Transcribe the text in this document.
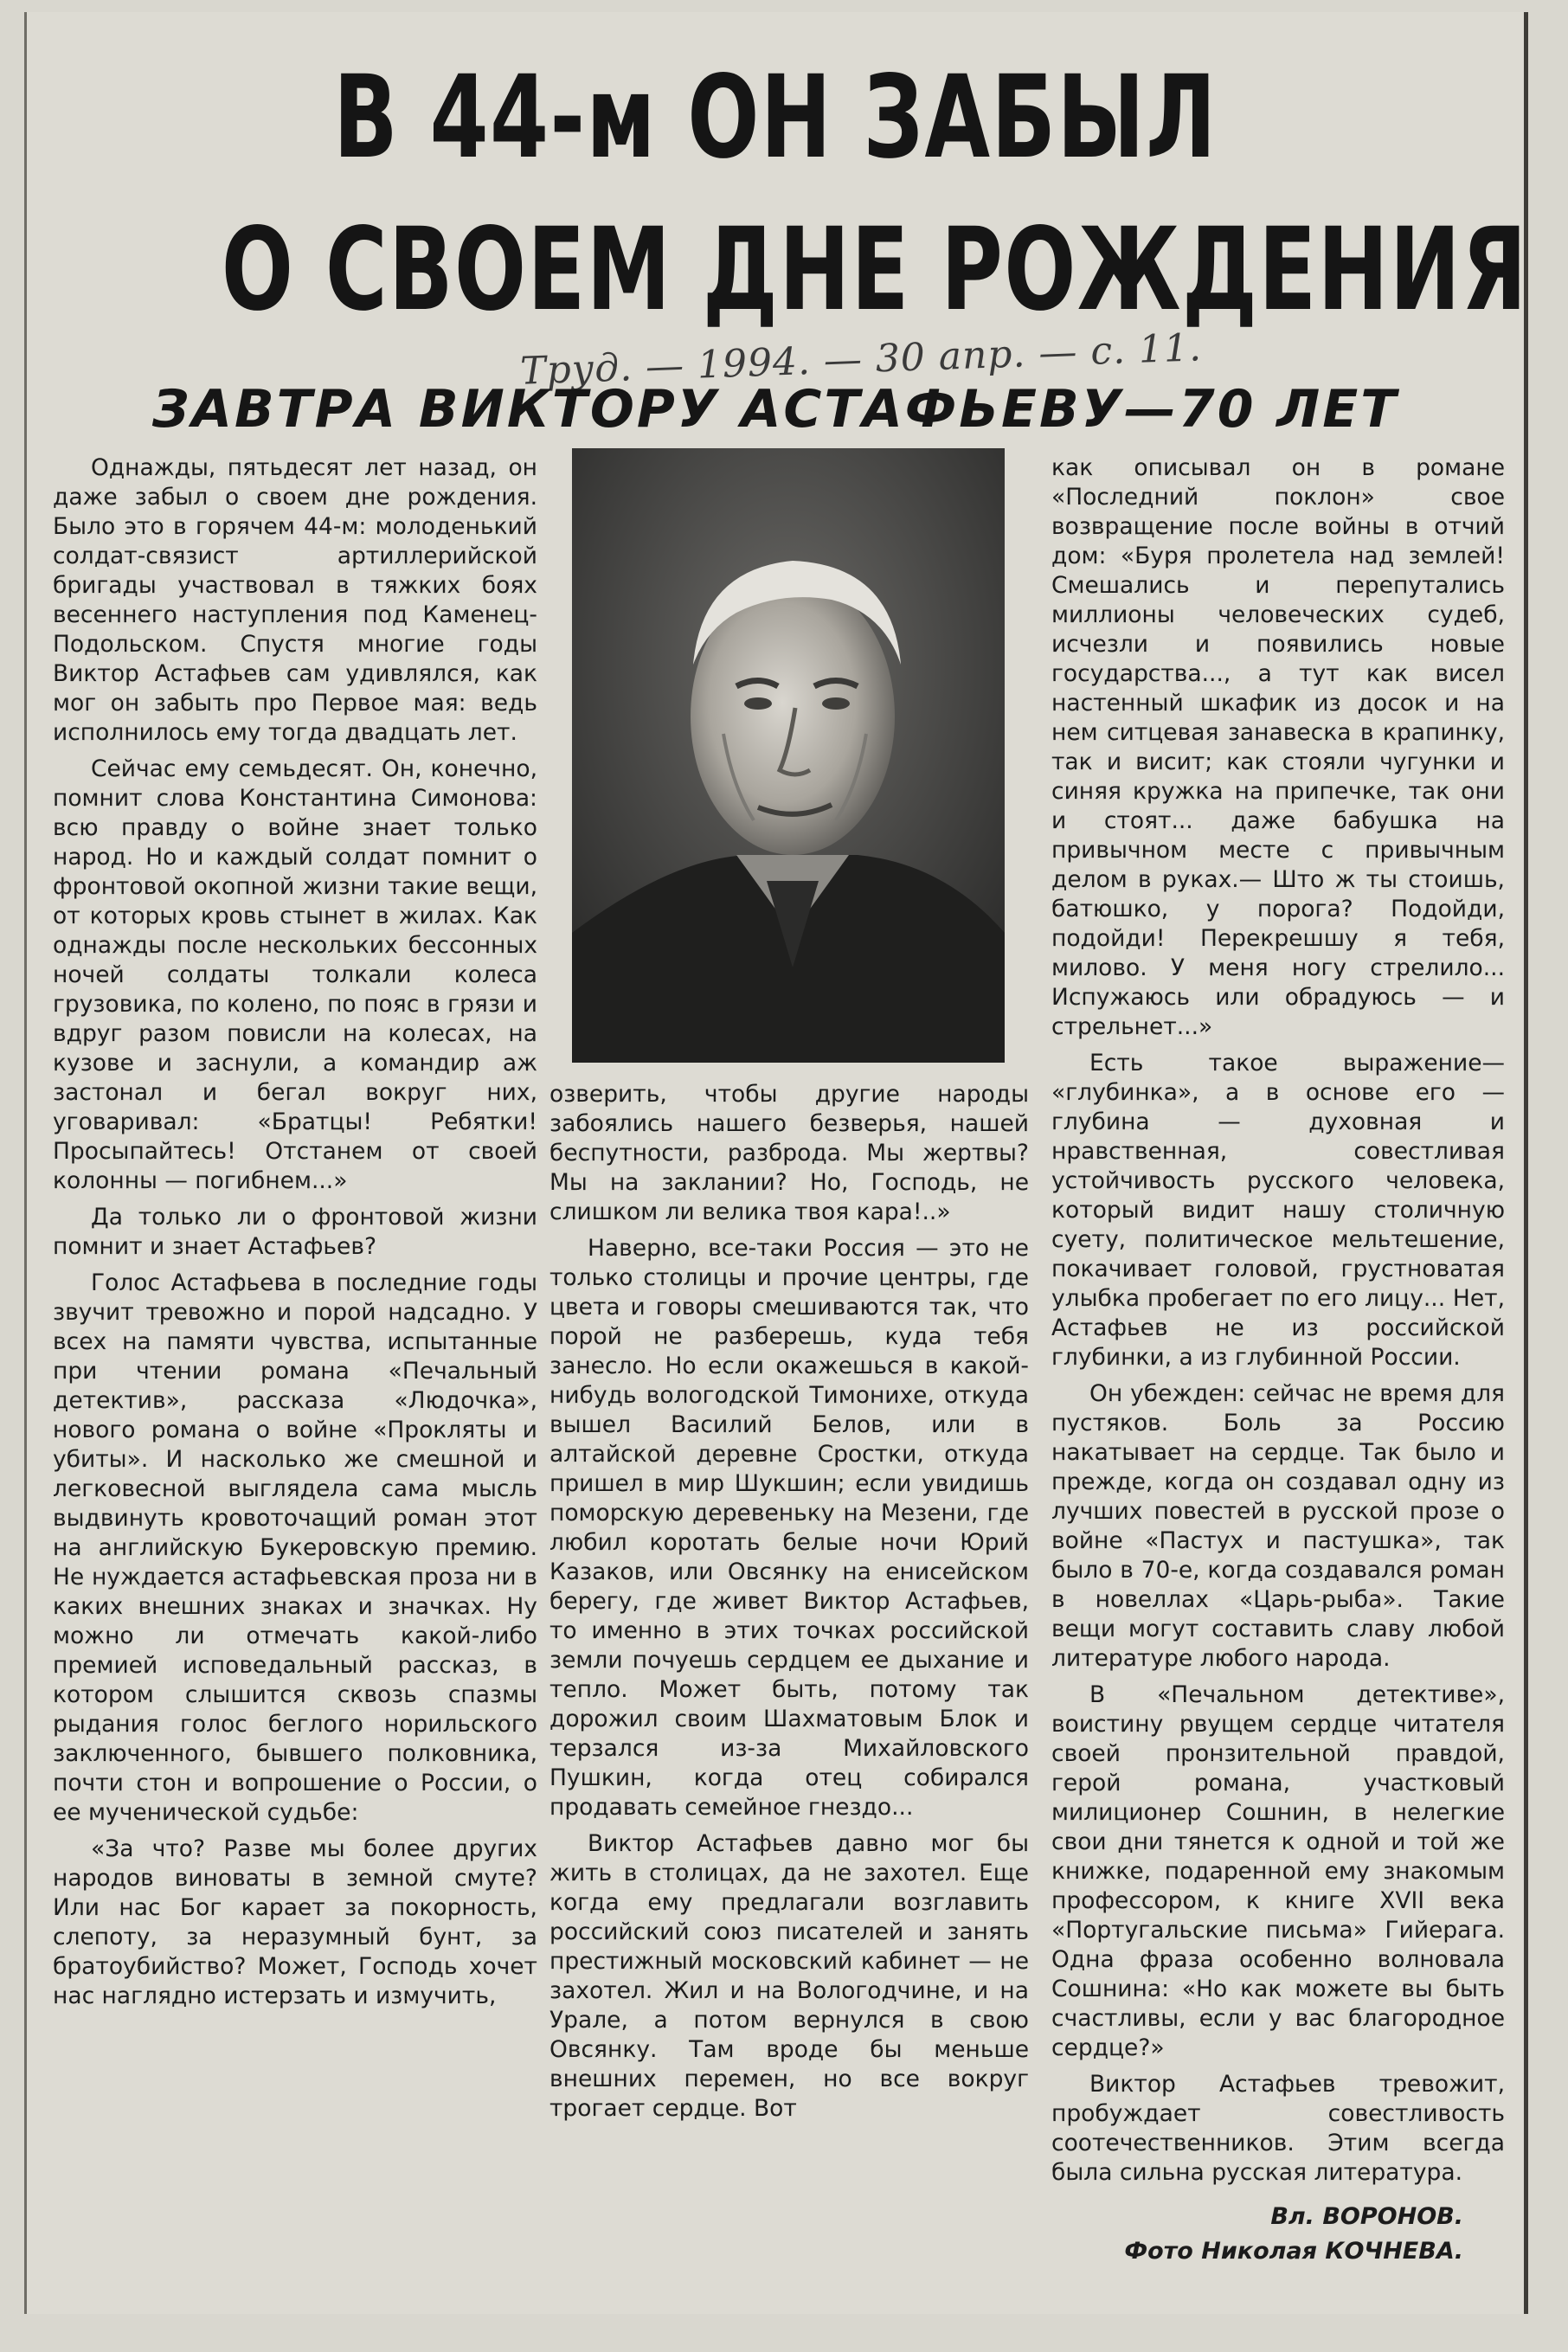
В 44-м ОН ЗАБЫЛ
О СВОЕМ ДНЕ РОЖДЕНИЯ
Труд. — 1994. — 30 апр. — с. 11.
ЗАВТРА ВИКТОРУ АСТАФЬЕВУ—70 ЛЕТ

Однажды, пятьдесят лет назад, он даже забыл о своем дне рождения. Было это в горячем 44-м: молоденький солдат-связист артиллерийской бригады участвовал в тяжких боях весеннего наступления под Каменец-Подольском. Спустя многие годы Виктор Астафьев сам удивлялся, как мог он забыть про Первое мая: ведь исполнилось ему тогда двадцать лет.

Сейчас ему семьдесят. Он, конечно, помнит слова Константина Симонова: всю правду о войне знает только народ. Но и каждый солдат помнит о фронтовой окопной жизни такие вещи, от которых кровь стынет в жилах. Как однажды после нескольких бессонных ночей солдаты толкали колеса грузовика, по колено, по пояс в грязи и вдруг разом повисли на колесах, на кузове и заснули, а командир аж застонал и бегал вокруг них, уговаривал: «Братцы! Ребятки! Просыпайтесь! Отстанем от своей колонны — погибнем...»

Да только ли о фронтовой жизни помнит и знает Астафьев?

Голос Астафьева в последние годы звучит тревожно и порой надсадно. У всех на памяти чувства, испытанные при чтении романа «Печальный детектив», рассказа «Людочка», нового романа о войне «Прокляты и убиты». И насколько же смешной и легковесной выглядела сама мысль выдвинуть кровоточащий роман этот на английскую Букеровскую премию. Не нуждается астафьевская проза ни в каких внешних знаках и значках. Ну можно ли отмечать какой-либо премией исповедальный рассказ, в котором слышится сквозь спазмы рыдания голос беглого норильского заключенного, бывшего полковника, почти стон и вопрошение о России, о ее мученической судьбе:

«За что? Разве мы более других народов виноваты в земной смуте? Или нас Бог карает за покорность, слепоту, за неразумный бунт, за братоубийство? Может, Господь хочет нас наглядно истерзать и измучить,

озверить, чтобы другие народы забоялись нашего безверья, нашей беспутности, разброда. Мы жертвы? Мы на заклании? Но, Господь, не слишком ли велика твоя кара!..»

Наверно, все-таки Россия — это не только столицы и прочие центры, где цвета и говоры смешиваются так, что порой не разберешь, куда тебя занесло. Но если окажешься в какой-нибудь вологодской Тимонихе, откуда вышел Василий Белов, или в алтайской деревне Сростки, откуда пришел в мир Шукшин; если увидишь поморскую деревеньку на Мезени, где любил коротать белые ночи Юрий Казаков, или Овсянку на енисейском берегу, где живет Виктор Астафьев, то именно в этих точках российской земли почуешь сердцем ее дыхание и тепло. Может быть, потому так дорожил своим Шахматовым Блок и терзался из-за Михайловского Пушкин, когда отец собирался продавать семейное гнездо...

Виктор Астафьев давно мог бы жить в столицах, да не захотел. Еще когда ему предлагали возглавить российский союз писателей и занять престижный московский кабинет — не захотел. Жил и на Вологодчине, и на Урале, а потом вернулся в свою Овсянку. Там вроде бы меньше внешних перемен, но все вокруг трогает сердце. Вот

как описывал он в романе «Последний поклон» свое возвращение после войны в отчий дом: «Буря пролетела над землей! Смешались и перепутались миллионы человеческих судеб, исчезли и появились новые государства..., а тут как висел настенный шкафик из досок и на нем ситцевая занавеска в крапинку, так и висит; как стояли чугунки и синяя кружка на припечке, так они и стоят... даже бабушка на привычном месте с привычным делом в руках.— Што ж ты стоишь, батюшко, у порога? Подойди, подойди! Перекрешшу я тебя, милово. У меня ногу стрелило... Испужаюсь или обрадуюсь — и стрельнет...»

Есть такое выражение— «глубинка», а в основе его — глубина — духовная и нравственная, совестливая устойчивость русского человека, который видит нашу столичную суету, политическое мельтешение, покачивает головой, грустноватая улыбка пробегает по его лицу... Нет, Астафьев не из российской глубинки, а из глубинной России.

Он убежден: сейчас не время для пустяков. Боль за Россию накатывает на сердце. Так было и прежде, когда он создавал одну из лучших повестей в русской прозе о войне «Пастух и пастушка», так было в 70-е, когда создавался роман в новеллах «Царь-рыба». Такие вещи могут составить славу любой литературе любого народа.

В «Печальном детективе», воистину рвущем сердце читателя своей пронзительной правдой, герой романа, участковый милиционер Сошнин, в нелегкие свои дни тянется к одной и той же книжке, подаренной ему знакомым профессором, к книге XVII века «Португальские письма» Гийерага. Одна фраза особенно волновала Сошнина: «Но как можете вы быть счастливы, если у вас благородное сердце?»

Виктор Астафьев тревожит, пробуждает совестливость соотечественников. Этим всегда была сильна русская литература.

Вл. ВОРОНОВ.
Фото Николая КОЧНЕВА.
